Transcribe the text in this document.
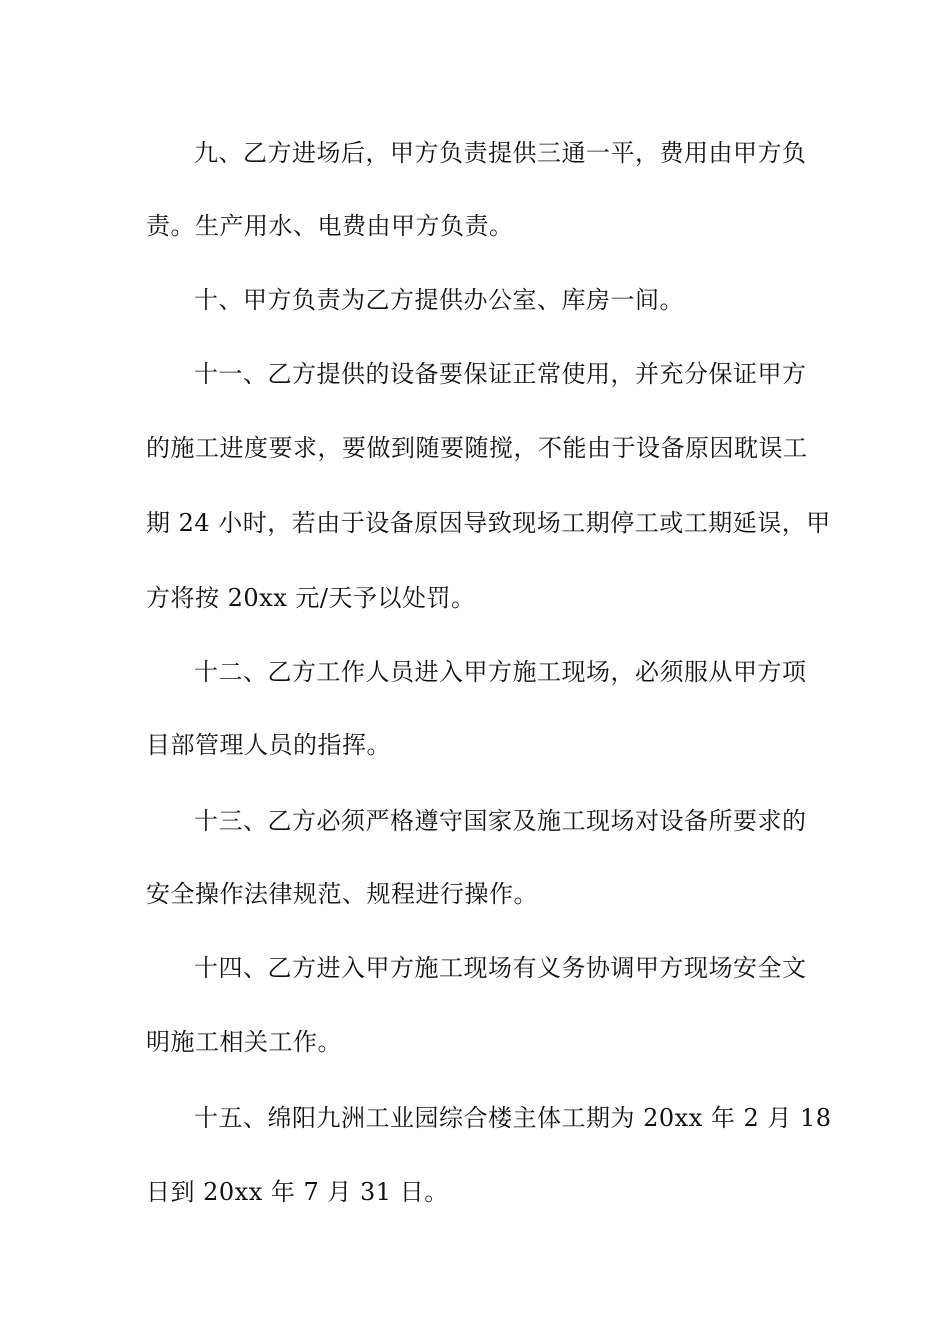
九、乙方进场后，甲方负责提供三通一平，费用由甲方负
责。生产用水、电费由甲方负责。
十、甲方负责为乙方提供办公室、库房一间。
十一、乙方提供的设备要保证正常使用，并充分保证甲方
的施工进度要求，要做到随要随搅，不能由于设备原因耽误工
期 24 小时，若由于设备原因导致现场工期停工或工期延误，甲
方将按 20xx 元/天予以处罚。
十二、乙方工作人员进入甲方施工现场，必须服从甲方项
目部管理人员的指挥。
十三、乙方必须严格遵守国家及施工现场对设备所要求的
安全操作法律规范、规程进行操作。
十四、乙方进入甲方施工现场有义务协调甲方现场安全文
明施工相关工作。
十五、绵阳九洲工业园综合楼主体工期为 20xx 年 2 月 18
日到 20xx 年 7 月 31 日。
